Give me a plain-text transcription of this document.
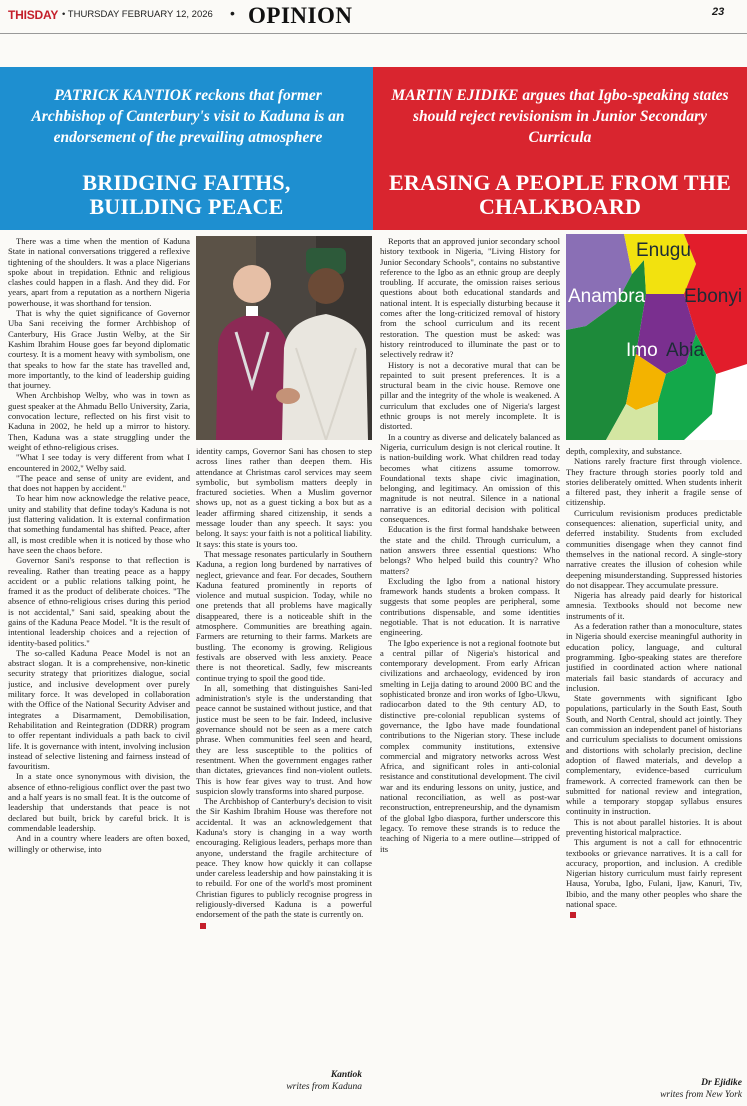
THISDAY • THURSDAY FEBRUARY 12, 2026 • OPINION	23
PATRICK KANTIOK reckons that former Archbishop of Canterbury's visit to Kaduna is an endorsement of the prevailing atmosphere
BRIDGING FAITHS,
BUILDING PEACE
MARTIN EJIDIKE argues that Igbo-speaking states should reject revisionism in Junior Secondary Curricula
ERASING A PEOPLE FROM THE
CHALKBOARD

There was a time when the mention of Kaduna State in national conversations triggered a reflexive tightening of the shoulders. It was a place Nigerians spoke about in trepidation. Ethnic and religious clashes could happen in a flash. And they did. For years, apart from a reputation as a northern Nigeria powerhouse, it was shorthand for tension.

That is why the quiet significance of Governor Uba Sani receiving the former Archbishop of Canterbury, His Grace Justin Welby, at the Sir Kashim Ibrahim House goes far beyond diplomatic courtesy. It is a moment heavy with symbolism, one that speaks to how far the state has travelled and, more importantly, to the kind of leadership guiding that journey.

When Archbishop Welby, who was in town as guest speaker at the Ahmadu Bello University, Zaria, convocation lecture, reflected on his first visit to Kaduna in 2002, he held up a mirror to history. Then, Kaduna was a state struggling under the weight of ethno-religious crises.

"What I see today is very different from what I encountered in 2002," Welby said.

"The peace and sense of unity are evident, and that does not happen by accident."

To hear him now acknowledge the relative peace, unity and stability that define today's Kaduna is not just flattering validation. It is external confirmation that something fundamental has shifted. Peace, after all, is most credible when it is noticed by those who have seen the chaos before.

Governor Sani's response to that reflection is revealing. Rather than treating peace as a happy accident or a public relations talking point, he framed it as the product of deliberate choices. "The absence of ethno-religious crises during this period is not accidental," Sani said, speaking about the gains of the Kaduna Peace Model. "It is the result of intentional leadership choices and a rejection of identity-based politics."

The so-called Kaduna Peace Model is not an abstract slogan. It is a comprehensive, non-kinetic security strategy that prioritizes dialogue, social justice, and inclusive development over purely military force. It was developed in collaboration with the Office of the National Security Adviser and integrates a Disarmament, Demobilisation, Rehabilitation and Reintegration (DDRR) program to offer repentant individuals a path back to civil life. It is governance with intent, involving inclusion instead of selective listening and fairness instead of favouritism.

In a state once synonymous with division, the absence of ethno-religious conflict over the past two and a half years is no small feat. It is the outcome of leadership that understands that peace is not declared but built, brick by careful brick. It is commendable leadership.

And in a country where leaders are often boxed, willingly or otherwise, into

identity camps, Governor Sani has chosen to step across lines rather than deepen them. His attendance at Christmas carol services may seem symbolic, but symbolism matters deeply in fractured societies. When a Muslim governor shows up, not as a guest ticking a box but as a leader affirming shared citizenship, it sends a message louder than any speech. It says: you belong. It says: your faith is not a political liability. It says: this state is yours too.

That message resonates particularly in Southern Kaduna, a region long burdened by narratives of neglect, grievance and fear. For decades, Southern Kaduna featured prominently in reports of violence and mutual suspicion. Today, while no one pretends that all problems have magically disappeared, there is a noticeable shift in the atmosphere. Communities are breathing again. Farmers are returning to their farms. Markets are bustling. The economy is growing. Religious festivals are observed with less anxiety. Peace there is not theoretical. Sadly, few miscreants continue trying to spoil the good tide.

In all, something that distinguishes Sani-led administration's style is the understanding that peace cannot be sustained without justice, and that justice must be seen to be fair. Indeed, inclusive governance should not be seen as a mere catch phrase. When communities feel seen and heard, they are less susceptible to the politics of resentment. When the government engages rather than dictates, grievances find non-violent outlets. This is how fear gives way to trust. And how suspicion slowly transforms into shared purpose.

The Archbishop of Canterbury's decision to visit the Sir Kashim Ibrahim House was therefore not accidental. It was an acknowledgement that Kaduna's story is changing in a way worth encouraging. Religious leaders, perhaps more than anyone, understand the fragile architecture of peace. They know how quickly it can collapse under careless leadership and how painstaking it is to rebuild. For one of the world's most prominent Christian figures to publicly recognise progress in religiously-diversed Kaduna is a powerful endorsement of the path the state is currently on.

Kantiok
writes from Kaduna

Reports that an approved junior secondary school history textbook in Nigeria, "Living History for Junior Secondary Schools", contains no substantive reference to the Igbo as an ethnic group are deeply troubling. If accurate, the omission raises serious questions about both educational standards and national intent. It is especially disturbing because it comes after the long-criticized removal of history from the school curriculum and its recent restoration. The question must be asked: was history reintroduced to illuminate the past or to selectively redraw it?

History is not a decorative mural that can be repainted to suit present preferences. It is a structural beam in the civic house. Remove one pillar and the integrity of the whole is weakened. A curriculum that excludes one of Nigeria's largest ethnic groups is not merely incomplete. It is distorted.

In a country as diverse and delicately balanced as Nigeria, curriculum design is not clerical routine. It is nation-building work. What children read today becomes what citizens assume tomorrow. Foundational texts shape civic imagination, belonging, and legitimacy. An omission of this magnitude is not neutral. Silence in a national narrative is an editorial decision with political consequences.

Education is the first formal handshake between the state and the child. Through curriculum, a nation answers three essential questions: Who belongs? Who helped build this country? Who matters?

Excluding the Igbo from a national history framework hands students a broken compass. It suggests that some peoples are peripheral, some contributions dispensable, and some identities negotiable. That is not education. It is narrative engineering.

The Igbo experience is not a regional footnote but a central pillar of Nigeria's historical and contemporary development. From early African civilizations and archaeology, evidenced by iron smelting in Lejja dating to around 2000 BC and the sophisticated bronze and iron works of Igbo-Ukwu, radiocarbon dated to the 9th century AD, to distinctive pre-colonial republican systems of governance, the Igbo have made foundational contributions to the Nigerian story. These include complex community institutions, extensive commercial and migratory networks across West Africa, and significant roles in anti-colonial resistance and constitutional development. The civil war and its enduring lessons on unity, justice, and national reconciliation, as well as post-war reconstruction, entrepreneurship, and the dynamism of the global Igbo diaspora, further underscore this legacy. To remove these strands is to reduce the teaching of Nigeria to a mere outline—stripped of its

Enugu
Ebonyi
Anambra
Imo Abia

depth, complexity, and substance.

Nations rarely fracture first through violence. They fracture through stories poorly told and stories deliberately omitted. When students inherit a filtered past, they inherit a fragile sense of citizenship.

Curriculum revisionism produces predictable consequences: alienation, superficial unity, and deferred instability. Students from excluded communities disengage when they cannot find themselves in the national record. A single-story narrative creates the illusion of cohesion while deepening misunderstanding. Suppressed histories do not disappear. They accumulate pressure.

Nigeria has already paid dearly for historical amnesia. Textbooks should not become new instruments of it.

As a federation rather than a monoculture, states in Nigeria should exercise meaningful authority in education policy, language, and cultural programming. Igbo-speaking states are therefore justified in coordinated action where national materials fail basic standards of accuracy and inclusion.

State governments with significant Igbo populations, particularly in the South East, South South, and North Central, should act jointly. They can commission an independent panel of historians and curriculum specialists to document omissions and distortions with scholarly precision, decline adoption of flawed materials, and develop a complementary, evidence-based curriculum framework. A corrected framework can then be submitted for national review and integration, while a temporary stopgap syllabus ensures continuity in instruction.

This is not about parallel histories. It is about preventing historical malpractice.

This argument is not a call for ethnocentric textbooks or grievance narratives. It is a call for accuracy, proportion, and inclusion. A credible Nigerian history curriculum must fairly represent Hausa, Yoruba, Igbo, Fulani, Ijaw, Kanuri, Tiv, Ibibio, and the many other peoples who share the national space.

Dr Ejidike
writes from New York
